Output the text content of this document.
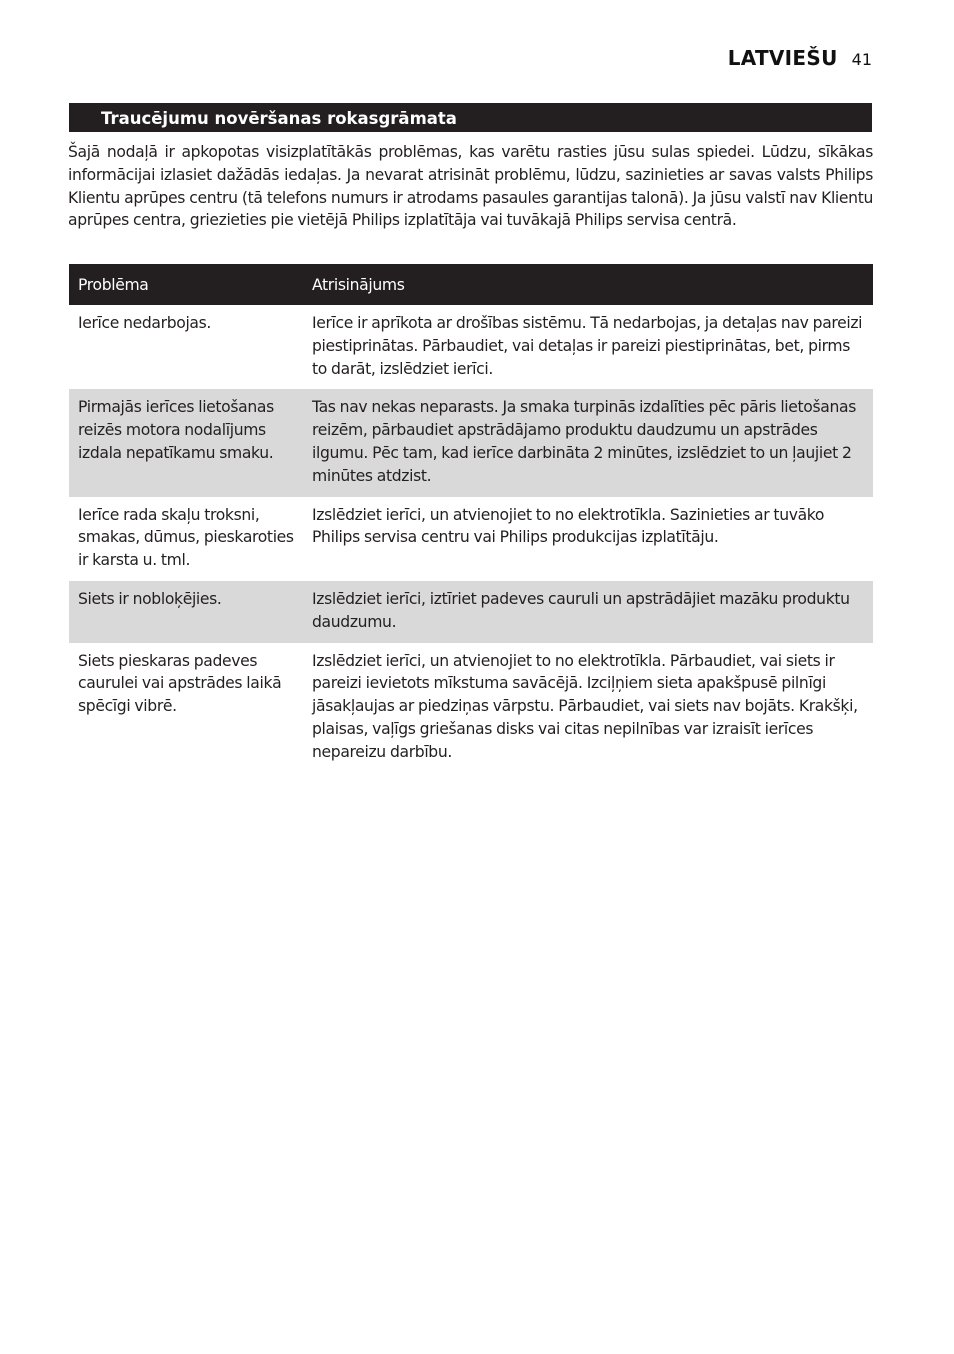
LATVIEŠU 41
Traucējumu novēršanas rokasgrāmata

Šajā nodaļā ir apkopotas visizplatītākās problēmas, kas varētu rasties jūsu sulas spiedei. Lūdzu, sīkākas informācijai izlasiet dažādās iedaļas. Ja nevarat atrisināt problēmu, lūdzu, sazinieties ar savas valsts Philips Klientu aprūpes centru (tā telefons numurs ir atrodams pasaules garantijas talonā). Ja jūsu valstī nav Klientu aprūpes centra, griezieties pie vietējā Philips izplatītāja vai tuvākajā Philips servisa centrā.

Problēma	Atrisinājums
Ierīce nedarbojas.	Ierīce ir aprīkota ar drošības sistēmu. Tā nedarbojas, ja detaļas nav pareizi piestiprinātas. Pārbaudiet, vai detaļas ir pareizi piestiprinātas, bet, pirms to darāt, izslēdziet ierīci.
Pirmajās ierīces lietošanas reizēs motora nodalījums izdala nepatīkamu smaku.	Tas nav nekas neparasts. Ja smaka turpinās izdalīties pēc pāris lietošanas reizēm, pārbaudiet apstrādājamo produktu daudzumu un apstrādes ilgumu. Pēc tam, kad ierīce darbināta 2 minūtes, izslēdziet to un ļaujiet 2 minūtes atdzist.
Ierīce rada skaļu troksni, smakas, dūmus, pieskaroties ir karsta u. tml.	Izslēdziet ierīci, un atvienojiet to no elektrotīkla. Sazinieties ar tuvāko Philips servisa centru vai Philips produkcijas izplatītāju.
Siets ir nobloķējies.	Izslēdziet ierīci, iztīriet padeves cauruli un apstrādājiet mazāku produktu daudzumu.
Siets pieskaras padeves caurulei vai apstrādes laikā spēcīgi vibrē.	Izslēdziet ierīci, un atvienojiet to no elektrotīkla. Pārbaudiet, vai siets ir pareizi ievietots mīkstuma savācējā. Izciļņiem sieta apakšpusē pilnīgi jāsakļaujas ar piedziņas vārpstu. Pārbaudiet, vai siets nav bojāts. Krakšķi, plaisas, vaļīgs griešanas disks vai citas nepilnības var izraisīt ierīces nepareizu darbību.
